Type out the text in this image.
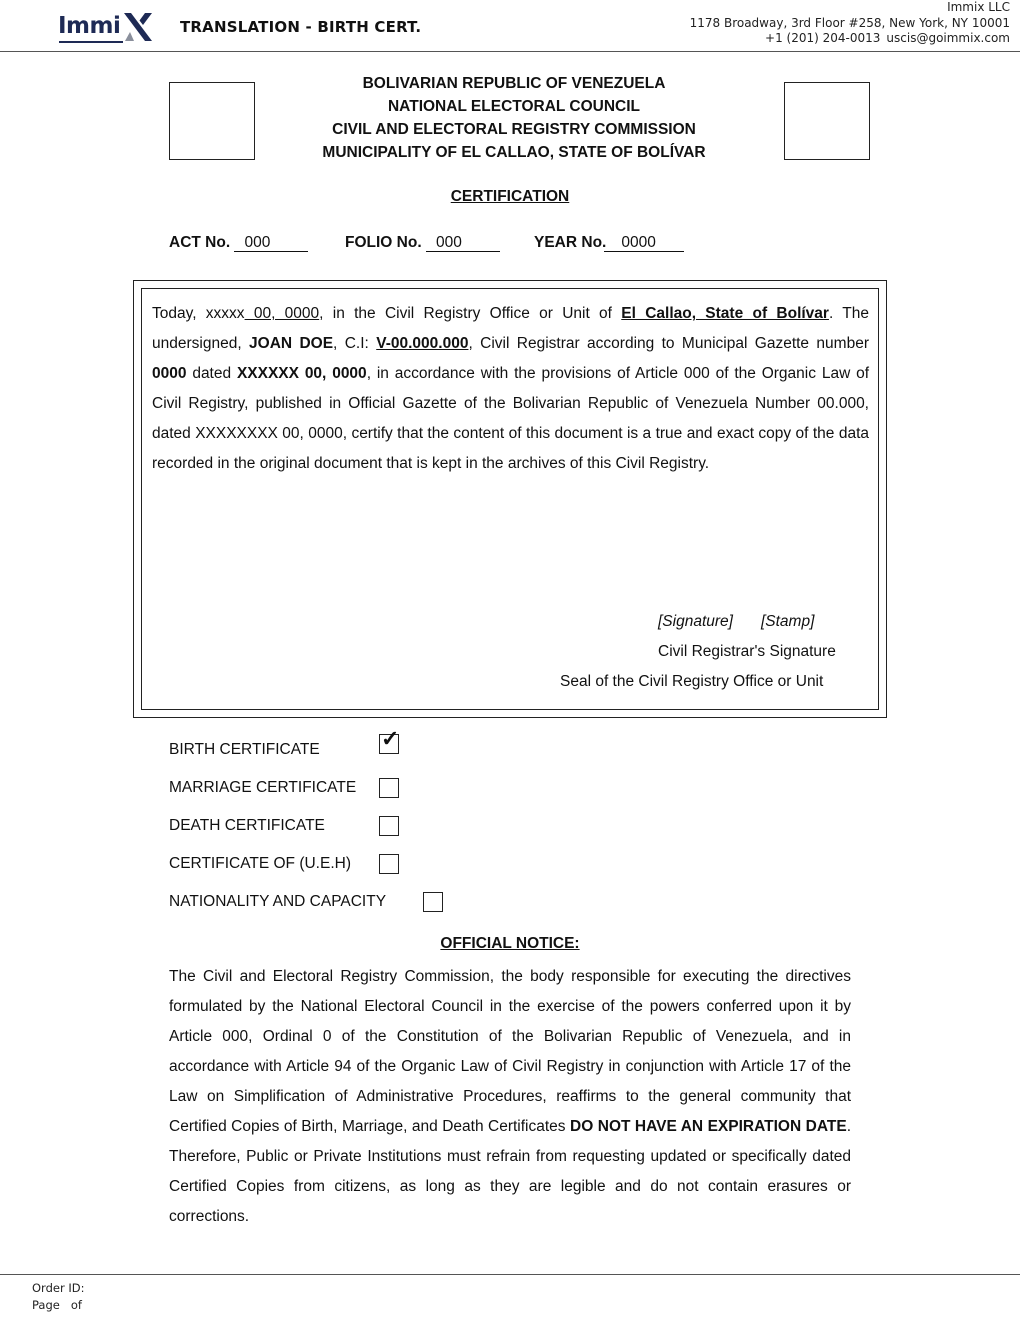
Immi	TRANSLATION - BIRTH CERT.
Immix LLC
1178 Broadway, 3rd Floor #258, New York, NY 10001
+1 (201) 204-0013 uscis@goimmix.com
BOLIVARIAN REPUBLIC OF VENEZUELA
NATIONAL ELECTORAL COUNCIL
CIVIL AND ELECTORAL REGISTRY COMMISSION
MUNICIPALITY OF EL CALLAO, STATE OF BOLÍVAR
CERTIFICATION
ACT No. 000	FOLIO No. 000	YEAR No. 0000
Today, xxxxx 00, 0000, in the Civil Registry Office or Unit of El Callao, State of Bolívar. The undersigned, JOAN DOE, C.I: V-00.000.000, Civil Registrar according to Municipal Gazette number 0000 dated XXXXXX 00, 0000, in accordance with the provisions of Article 000 of the Organic Law of Civil Registry, published in Official Gazette of the Bolivarian Republic of Venezuela Number 00.000, dated XXXXXXXX 00, 0000, certify that the content of this document is a true and exact copy of the data recorded in the original document that is kept in the archives of this Civil Registry.
[Signature] [Stamp]
Civil Registrar's Signature
Seal of the Civil Registry Office or Unit
BIRTH CERTIFICATE	✓
MARRIAGE CERTIFICATE
DEATH CERTIFICATE
CERTIFICATE OF (U.E.H)
NATIONALITY AND CAPACITY
OFFICIAL NOTICE:
The Civil and Electoral Registry Commission, the body responsible for executing the directives formulated by the National Electoral Council in the exercise of the powers conferred upon it by Article 000, Ordinal 0 of the Constitution of the Bolivarian Republic of Venezuela, and in accordance with Article 94 of the Organic Law of Civil Registry in conjunction with Article 17 of the Law on Simplification of Administrative Procedures, reaffirms to the general community that Certified Copies of Birth, Marriage, and Death Certificates DO NOT HAVE AN EXPIRATION DATE. Therefore, Public or Private Institutions must refrain from requesting updated or specifically dated Certified Copies from citizens, as long as they are legible and do not contain erasures or corrections.
Order ID:
Page of
